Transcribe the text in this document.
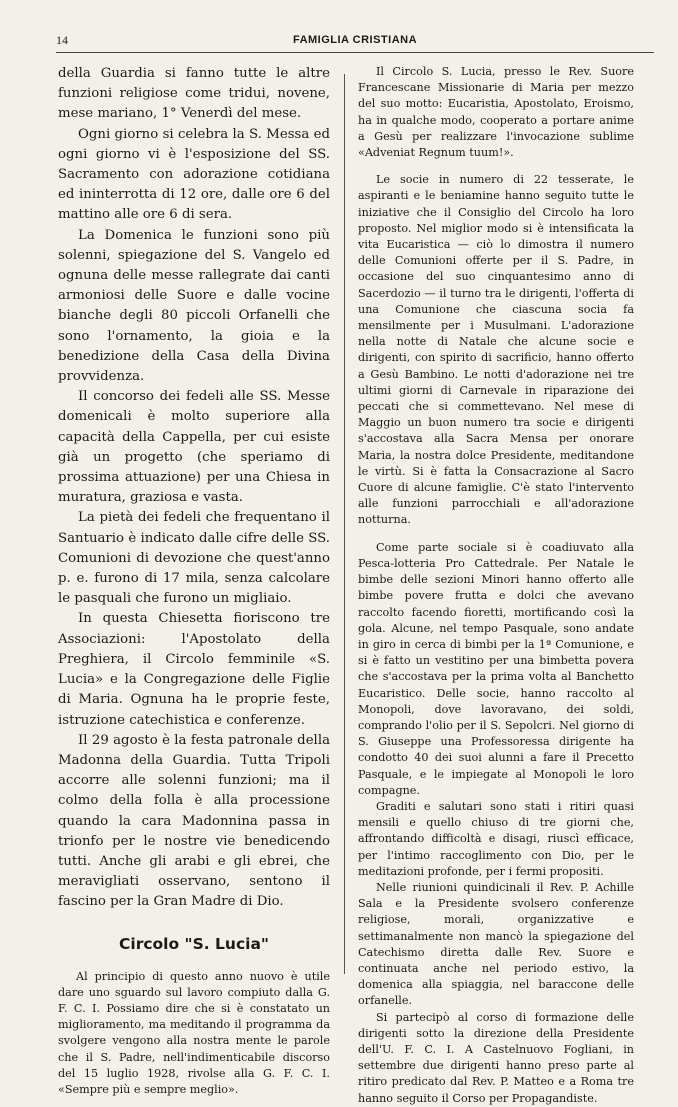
14	FAMIGLIA CRISTIANA

della Guardia si fanno tutte le altre funzioni religiose come tridui, novene, mese mariano, 1° Venerdì del mese.

Ogni giorno si celebra la S. Messa ed ogni giorno vi è l'esposizione del SS. Sacramento con adorazione cotidiana ed ininterrotta di 12 ore, dalle ore 6 del mattino alle ore 6 di sera.

La Domenica le funzioni sono più solenni, spiegazione del S. Vangelo ed ognuna delle messe rallegrate dai canti armoniosi delle Suore e dalle vocine bianche degli 80 piccoli Orfanelli che sono l'ornamento, la gioia e la benedizione della Casa della Divina provvidenza.

Il concorso dei fedeli alle SS. Messe domenicali è molto superiore alla capacità della Cappella, per cui esiste già un progetto (che speriamo di prossima attuazione) per una Chiesa in muratura, graziosa e vasta.

La pietà dei fedeli che frequentano il Santuario è indicato dalle cifre delle SS. Comunioni di devozione che quest'anno p. e. furono di 17 mila, senza calcolare le pasquali che furono un migliaio.

In questa Chiesetta fioriscono tre Associazioni: l'Apostolato della Preghiera, il Circolo femminile «S. Lucia» e la Congregazione delle Figlie di Maria. Ognuna ha le proprie feste, istruzione catechistica e conferenze.

Il 29 agosto è la festa patronale della Madonna della Guardia. Tutta Tripoli accorre alle solenni funzioni; ma il colmo della folla è alla processione quando la cara Madonnina passa in trionfo per le nostre vie benedicendo tutti. Anche gli arabi e gli ebrei, che meravigliati osservano, sentono il fascino per la Gran Madre di Dio.

Circolo "S. Lucia"

Al principio di questo anno nuovo è utile dare uno sguardo sul lavoro compiuto dalla G. F. C. I. Possiamo dire che si è constatato un miglioramento, ma meditando il programma da svolgere vengono alla nostra mente le parole che il S. Padre, nell'indimenticabile discorso del 15 luglio 1928, rivolse alla G. F. C. I. «Sempre più e sempre meglio».

Il Circolo S. Lucia, presso le Rev. Suore Francescane Missionarie di Maria per mezzo del suo motto: Eucaristia, Apostolato, Eroismo, ha in qualche modo, cooperato a portare anime a Gesù per realizzare l'invocazione sublime «Adveniat Regnum tuum!».

Le socie in numero di 22 tesserate, le aspiranti e le beniamine hanno seguito tutte le iniziative che il Consiglio del Circolo ha loro proposto. Nel miglior modo si è intensificata la vita Eucaristica — ciò lo dimostra il numero delle Comunioni offerte per il S. Padre, in occasione del suo cinquantesimo anno di Sacerdozio — il turno tra le dirigenti, l'offerta di una Comunione che ciascuna socia fa mensilmente per i Musulmani. L'adorazione nella notte di Natale che alcune socie e dirigenti, con spirito di sacrificio, hanno offerto a Gesù Bambino. Le notti d'adorazione nei tre ultimi giorni di Carnevale in riparazione dei peccati che si commettevano. Nel mese di Maggio un buon numero tra socie e dirigenti s'accostava alla Sacra Mensa per onorare Maria, la nostra dolce Presidente, meditandone le virtù. Si è fatta la Consacrazione al Sacro Cuore di alcune famiglie. C'è stato l'intervento alle funzioni parrocchiali e all'adorazione notturna.

Come parte sociale si è coadiuvato alla Pesca-lotteria Pro Cattedrale. Per Natale le bimbe delle sezioni Minori hanno offerto alle bimbe povere frutta e dolci che avevano raccolto facendo fioretti, mortificando così la gola. Alcune, nel tempo Pasquale, sono andate in giro in cerca di bimbi per la 1ª Comunione, e si è fatto un vestitino per una bimbetta povera che s'accostava per la prima volta al Banchetto Eucaristico. Delle socie, hanno raccolto al Monopoli, dove lavoravano, dei soldi, comprando l'olio per il S. Sepolcri. Nel giorno di S. Giuseppe una Professoressa dirigente ha condotto 40 dei suoi alunni a fare il Precetto Pasquale, e le impiegate al Monopoli le loro compagne.

Graditi e salutari sono stati i ritiri quasi mensili e quello chiuso di tre giorni che, affrontando difficoltà e disagi, riuscì efficace, per l'intimo raccoglimento con Dio, per le meditazioni profonde, per i fermi propositi.

Nelle riunioni quindicinali il Rev. P. Achille Sala e la Presidente svolsero conferenze religiose, morali, organizzative e settimanalmente non mancò la spiegazione del Catechismo diretta dalle Rev. Suore e continuata anche nel periodo estivo, la domenica alla spiaggia, nel baraccone delle orfanelle.

Si partecipò al corso di formazione delle dirigenti sotto la direzione della Presidente dell'U. F. C. I. A Castelnuovo Fogliani, in settembre due dirigenti hanno preso parte al ritiro predicato dal Rev. P. Matteo e a Roma tre hanno seguito il Corso per Propagandiste.
